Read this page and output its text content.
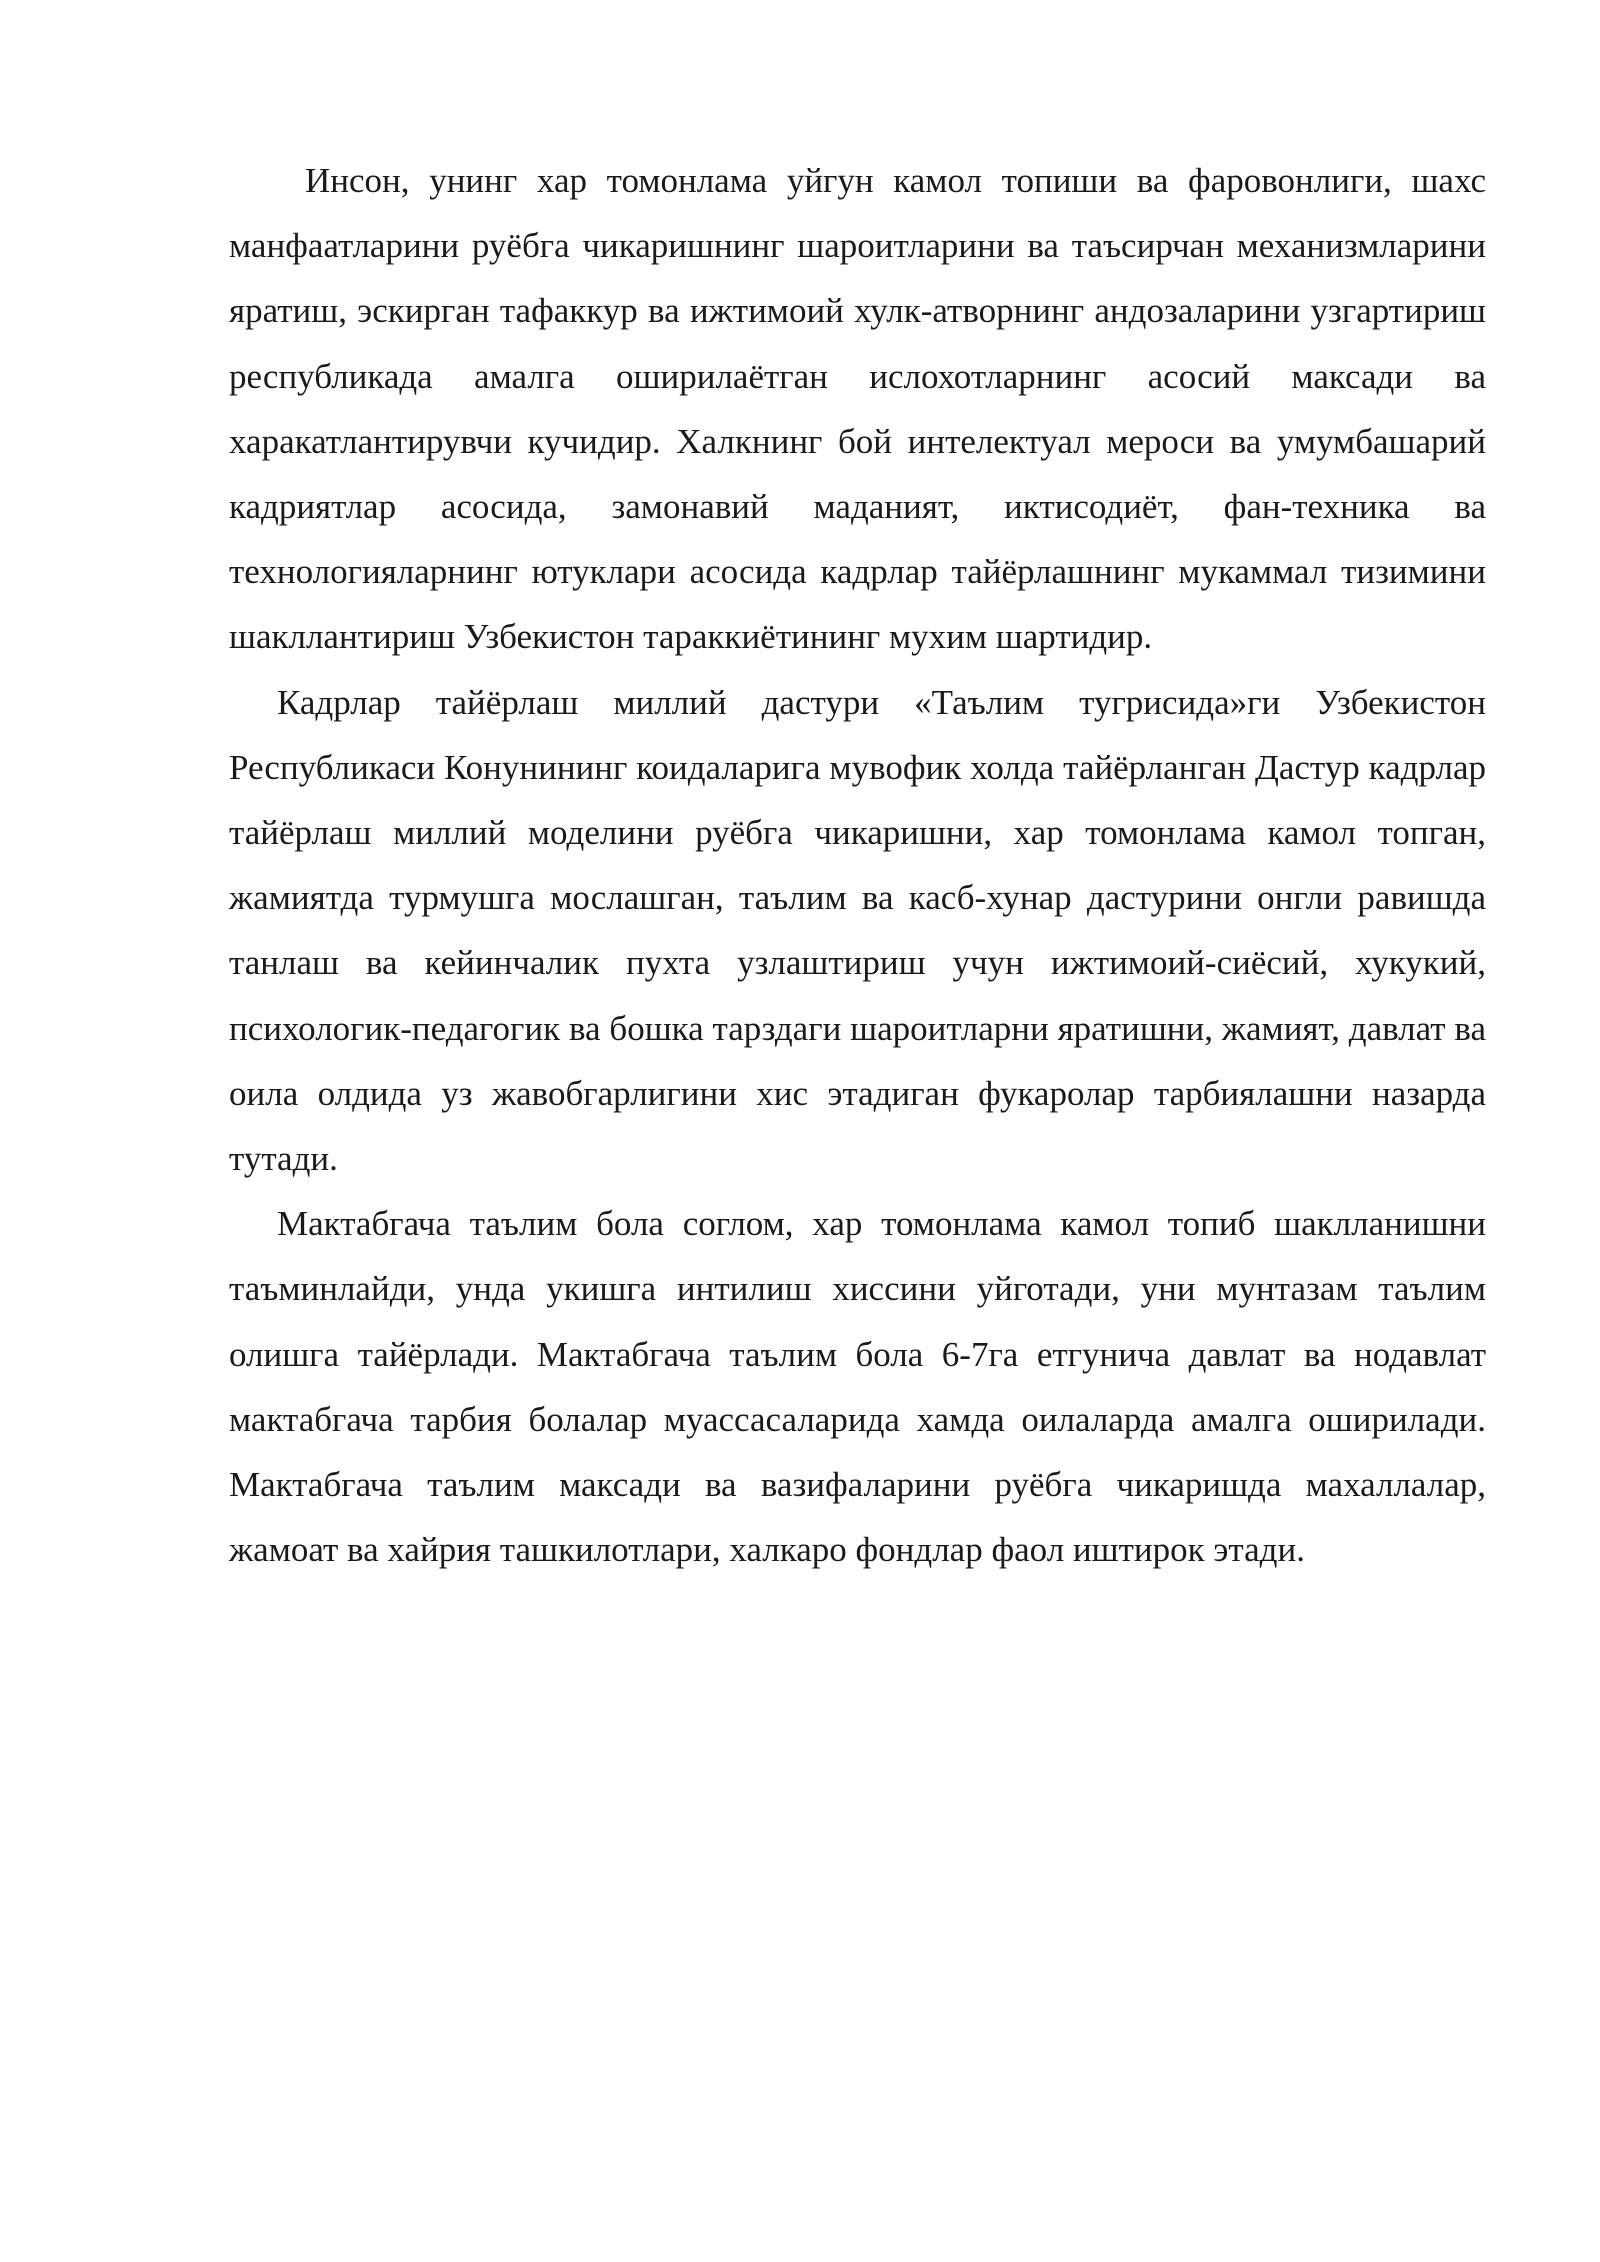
Инсон, унинг хар томонлама уйгун камол топиши ва фаровонлиги, шахс манфаатларини руёбга чикаришнинг шароитларини ва таъсирчан механизмларини яратиш, эскирган тафаккур ва ижтимоий хулк-атворнинг андозаларини узгартириш республикада амалга оширилаётган ислохотларнинг асосий максади ва харакатлантирувчи кучидир. Халкнинг бой интелектуал мероси ва умумбашарий кадриятлар асосида, замонавий маданият, иктисодиёт, фан-техника ва технологияларнинг ютуклари асосида кадрлар тайёрлашнинг мукаммал тизимини шакллантириш Узбекистон тараккиётининг мухим шартидир.

Кадрлар тайёрлаш миллий дастури «Таълим тугрисида»ги Узбекистон Республикаси Конунининг коидаларига мувофик холда тайёрланган Дастур кадрлар тайёрлаш миллий моделини руёбга чикаришни, хар томонлама камол топган, жамиятда турмушга мослашган, таълим ва касб-хунар дастурини онгли равишда танлаш ва кейинчалик пухта узлаштириш учун ижтимоий-сиёсий, хукукий, психологик-педагогик ва бошка тарздаги шароитларни яратишни, жамият, давлат ва оила олдида уз жавобгарлигини хис этадиган фукаролар тарбиялашни назарда тутади.

Мактабгача таълим бола соглом, хар томонлама камол топиб шаклланишни таъминлайди, унда укишга интилиш хиссини уйготади, уни мунтазам таълим олишга тайёрлади. Мактабгача таълим бола 6-7га етгунича давлат ва нодавлат мактабгача тарбия болалар муассасаларида хамда оилаларда амалга оширилади. Мактабгача таълим максади ва вазифаларини руёбга чикаришда махаллалар, жамоат ва хайрия ташкилотлари, халкаро фондлар фаол иштирок этади.
